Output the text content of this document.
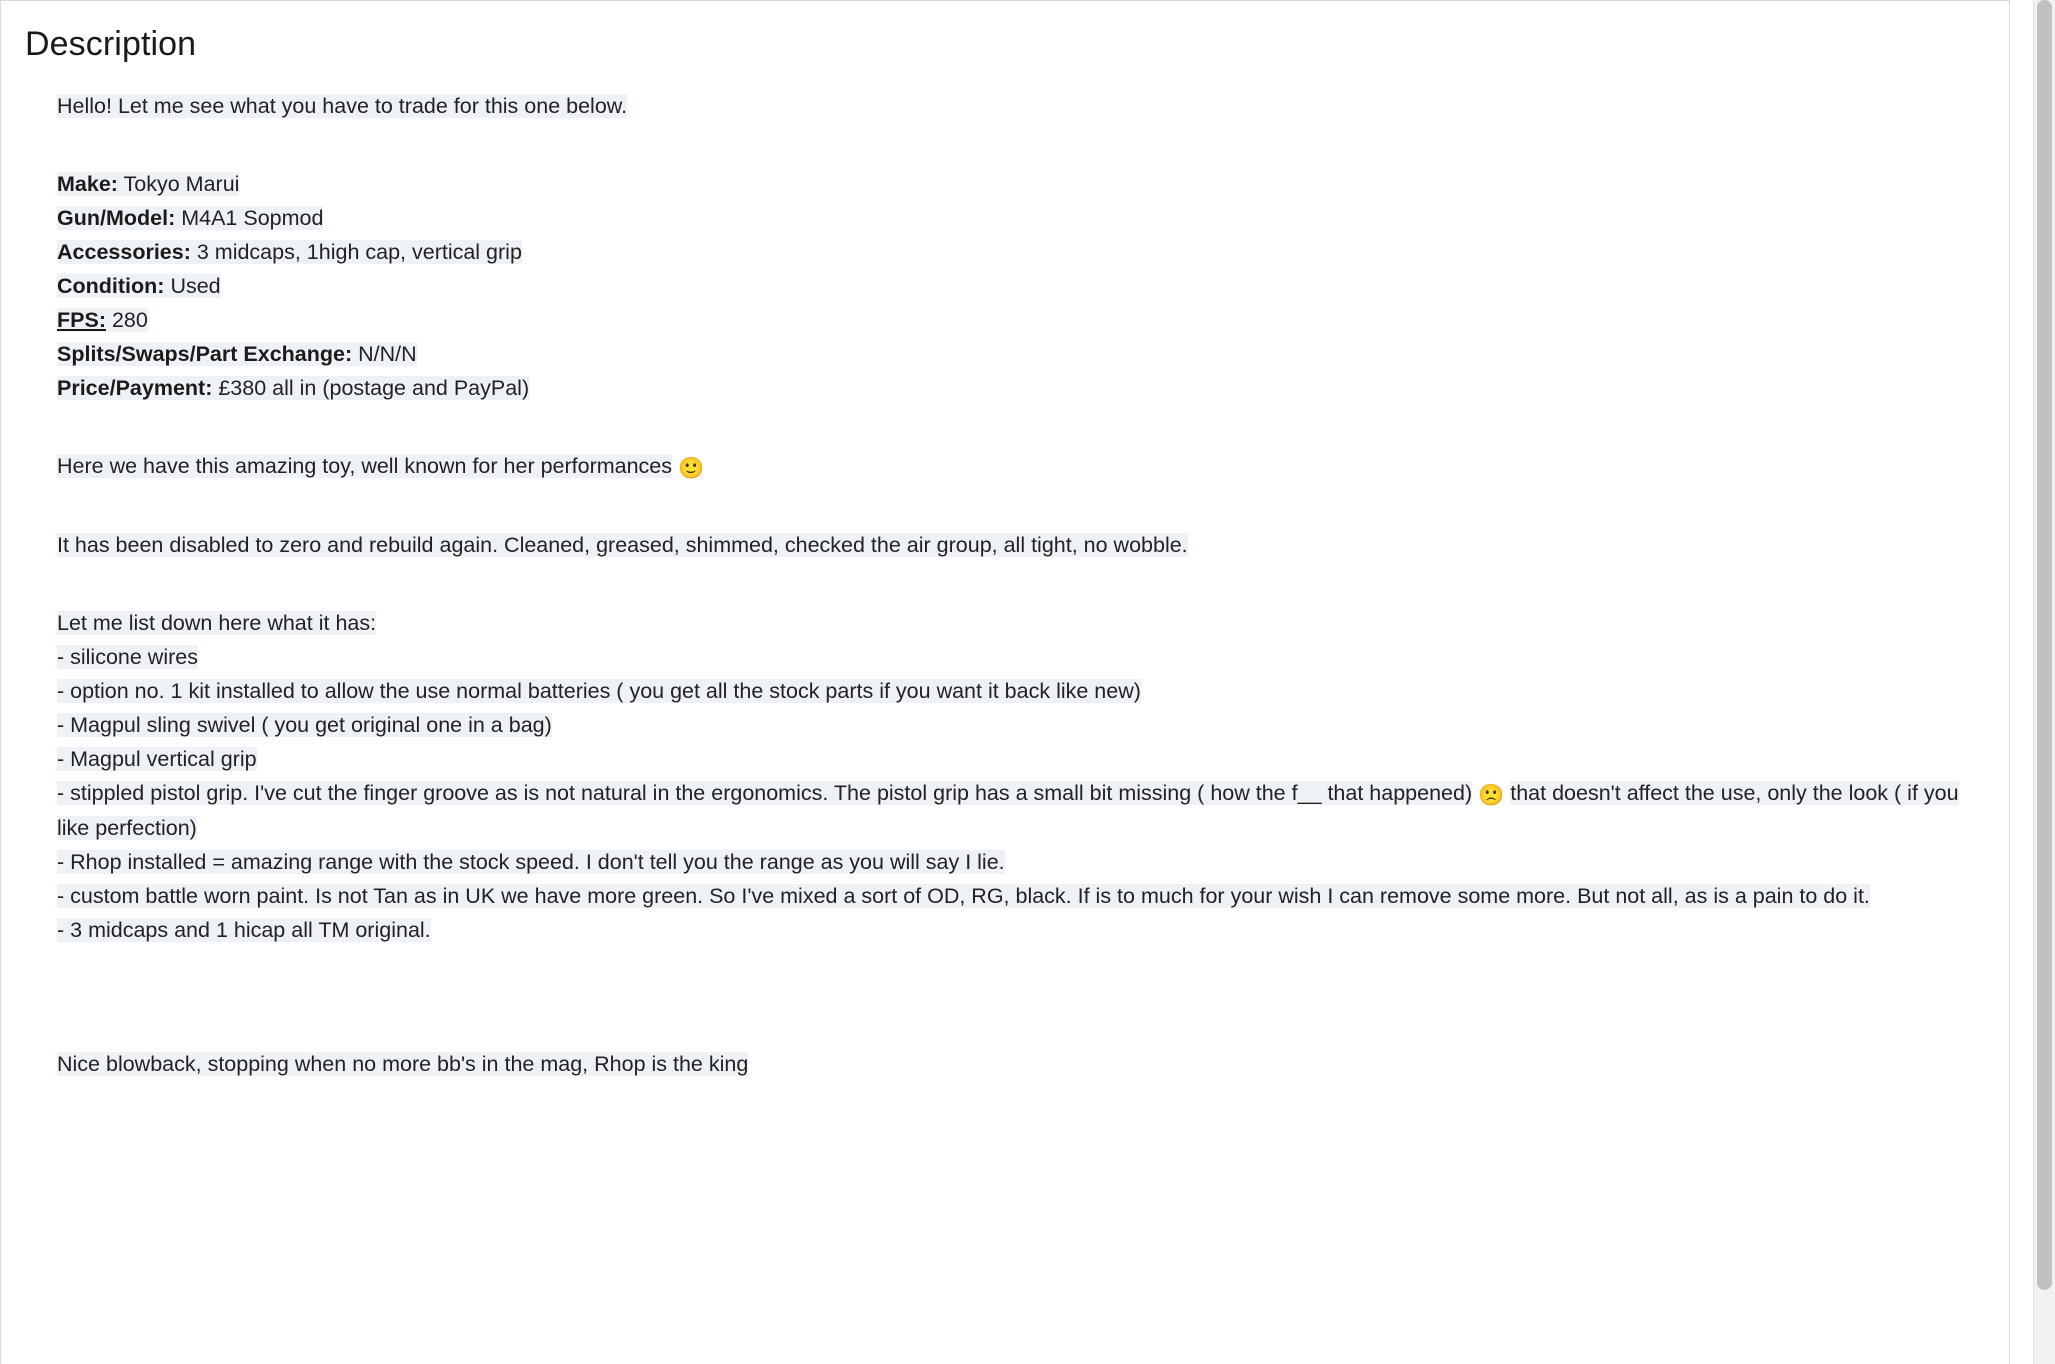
Description

Hello! Let me see what you have to trade for this one below.

Make: Tokyo Marui

Gun/Model: M4A1 Sopmod

Accessories: 3 midcaps, 1high cap, vertical grip

Condition: Used

FPS: 280

Splits/Swaps/Part Exchange: N/N/N

Price/Payment: £380 all in (postage and PayPal)

Here we have this amazing toy, well known for her performances 🙂

It has been disabled to zero and rebuild again. Cleaned, greased, shimmed, checked the air group, all tight, no wobble.

Let me list down here what it has:

- silicone wires

- option no. 1 kit installed to allow the use normal batteries ( you get all the stock parts if you want it back like new)

- Magpul sling swivel ( you get original one in a bag)

- Magpul vertical grip

- stippled pistol grip. I've cut the finger groove as is not natural in the ergonomics. The pistol grip has a small bit missing ( how the f__ that happened) 🙁 that doesn't affect the use, only the look ( if you like perfection)

- Rhop installed = amazing range with the stock speed. I don't tell you the range as you will say I lie.

- custom battle worn paint. Is not Tan as in UK we have more green. So I've mixed a sort of OD, RG, black. If is to much for your wish I can remove some more. But not all, as is a pain to do it.

- 3 midcaps and 1 hicap all TM original.

Nice blowback, stopping when no more bb's in the mag, Rhop is the king
